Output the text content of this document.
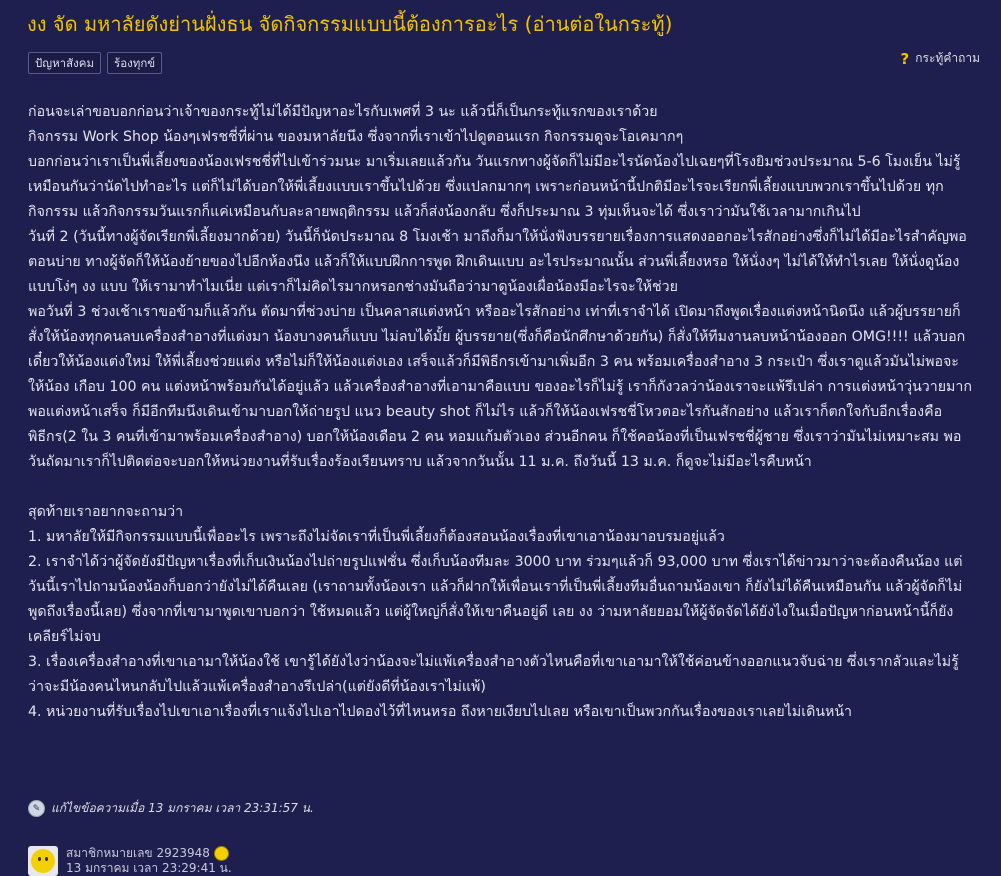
งง จัด มหาลัยดังย่านฝั่งธน จัดกิจกรรมแบบนี้ต้องการอะไร (อ่านต่อในกระทู้)
ปัญหาสังคม	ร้องทุกข์	? กระทู้คำถาม

ก่อนจะเล่าขอบอกก่อนว่าเจ้าของกระทู้ไม่ได้มีปัญหาอะไรกับเพศที่ 3 นะ แล้วนี่ก็เป็นกระทู้แรกของเราด้วย

กิจกรรม Work Shop น้องๆเฟรชชี่ที่ผ่าน ของมหาลัยนึง ซึ่งจากที่เราเข้าไปดูตอนแรก กิจกรรมดูจะโอเคมากๆ

บอกก่อนว่าเราเป็นพี่เลี้ยงของน้องเฟรชชี่ที่ไปเข้าร่วมนะ มาเริ่มเลยแล้วกัน วันแรกทางผู้จัดก็ไม่มีอะไรนัดน้องไปเฉยๆที่โรงยิมช่วงประมาณ 5-6 โมงเย็น ไม่รู้เหมือนกันว่านัดไปทำอะไร แต่ก็ไม่ได้บอกให้พี่เลี้ยงแบบเราขึ้นไปด้วย ซึ่งแปลกมากๆ เพราะก่อนหน้านี้ปกติมีอะไรจะเรียกพี่เลี้ยงแบบพวกเราขึ้นไปด้วย ทุกกิจกรรม แล้วกิจกรรมวันแรกก็แค่เหมือนกับละลายพฤติกรรม แล้วก็ส่งน้องกลับ ซึ่งก็ประมาณ 3 ทุ่มเห็นจะได้ ซึ่งเราว่ามันใช้เวลามากเกินไป

วันที่ 2 (วันนี้ทางผู้จัดเรียกพี่เลี้ยงมากด้วย) วันนี้ก็นัดประมาณ 8 โมงเช้า มาถึงก็มาให้นั่งฟังบรรยายเรื่องการแสดงออกอะไรสักอย่างซึ่งก็ไม่ได้มีอะไรสำคัญพอตอนบ่าย ทางผู้จัดก็ให้น้องย้ายของไปอีกห้องนึง แล้วก็ให้แบบฝึกการพูด ฝึกเดินแบบ อะไรประมาณนั้น ส่วนพี่เลี้ยงหรอ ให้นั่งงๆ ไม่ได้ให้ทำไรเลย ให้นั่งดูน้องแบบโง่ๆ งง แบบ ให้เรามาทำไมเนี่ย แต่เราก็ไม่คิดไรมากหรอกช่างมันถือว่ามาดูน้องเผื่อน้องมีอะไรจะให้ช่วย

พอวันที่ 3 ช่วงเช้าเราขอข้ามก็แล้วกัน ตัดมาที่ช่วงบ่าย เป็นคลาสแต่งหน้า หรืออะไรสักอย่าง เท่าที่เราจำได้ เปิดมาถึงพูดเรื่องแต่งหน้านิดนึง แล้วผู้บรรยายก็สั่งให้น้องทุกคนลบเครื่องสำอางที่แต่งมา น้องบางคนก็แบบ ไม่ลบได้มั้ย ผู้บรรยาย(ซึ่งก็คือนักศึกษาด้วยกัน) ก็สั่งให้ทีมงานลบหน้าน้องออก OMG!!!! แล้วบอกเดี๋ยวให้น้องแต่งใหม่ ให้พี่เลี้ยงช่วยแต่ง หรือไม่ก็ให้น้องแต่งเอง เสร็จแล้วก็มีพิธีกรเข้ามาเพิ่มอีก 3 คน พร้อมเครื่องสำอาง 3 กระเป๋า ซึ่งเราดูแล้วมันไม่พอจะให้น้อง เกือบ 100 คน แต่งหน้าพร้อมกันได้อยู่แล้ว แล้วเครื่องสำอางที่เอามาคือแบบ ของอะไรก็ไม่รู้ เราก็กังวลว่าน้องเราจะแพ้รึเปล่า การแต่งหน้าวุ่นวายมาก พอแต่งหน้าเสร็จ ก็มีอีกทีมนึงเดินเข้ามาบอกให้ถ่ายรูป แนว beauty shot ก็ไม่ไร แล้วก็ให้น้องเฟรชชี่โหวตอะไรกันสักอย่าง แล้วเราก็ตกใจกับอีกเรื่องคือ พิธีกร(2 ใน 3 คนที่เข้ามาพร้อมเครื่องสำอาง) บอกให้น้องเดือน 2 คน หอมแก้มตัวเอง ส่วนอีกคน ก็ใช้คอน้องที่เป็นเฟรชชี่ผู้ชาย ซึ่งเราว่ามันไม่เหมาะสม พอวันถัดมาเราก็ไปติดต่อจะบอกให้หน่วยงานที่รับเรื่องร้องเรียนทราบ แล้วจากวันนั้น 11 ม.ค. ถึงวันนี้ 13 ม.ค. ก็ดูจะไม่มีอะไรคืบหน้า

สุดท้ายเราอยากจะถามว่า

1. มหาลัยให้มีกิจกรรมแบบนี้เพื่ออะไร เพราะถึงไม่จัดเราที่เป็นพี่เลี้ยงก็ต้องสอนน้องเรื่องที่เขาเอาน้องมาอบรมอยู่แล้ว

2. เราจำได้ว่าผู้จัดยังมีปัญหาเรื่องที่เก็บเงินน้องไปถ่ายรูปแฟชั่น ซึ่งเก็บน้องทีมละ 3000 บาท ร่วมๆแล้วก็ 93,000 บาท ซึ่งเราได้ข่าวมาว่าจะต้องคืนน้อง แต่วันนี้เราไปถามน้องน้องก็บอกว่ายังไม่ได้คืนเลย (เราถามทั้งน้องเรา แล้วก็ฝากให้เพื่อนเราที่เป็นพี่เลี้ยงทีมอื่นถามน้องเขา ก็ยังไม่ได้คืนเหมือนกัน แล้วผู้จัดก็ไม่พูดถึงเรื่องนี้เลย) ซึ่งจากที่เขามาพูดเขาบอกว่า ใช้หมดแล้ว แต่ผู้ใหญ่ก็สั่งให้เขาคืนอยู่ดี เลย งง ว่ามหาลัยยอมให้ผู้จัดจัดได้ยังไงในเมื่อปัญหาก่อนหน้านี้ก็ยังเคลียร์ไม่จบ

3. เรื่องเครื่องสำอางที่เขาเอามาให้น้องใช้ เขารู้ได้ยังไงว่าน้องจะไม่แพ้เครื่องสำอางตัวไหนคือที่เขาเอามาให้ใช้ค่อนข้างออกแนวจับฉ่าย ซึ่งเรากลัวและไม่รู้ว่าจะมีน้องคนไหนกลับไปแล้วแพ้เครื่องสำอางรึเปล่า(แต่ยังดีที่น้องเราไม่แพ้)

4. หน่วยงานที่รับเรื่องไปเขาเอาเรื่องที่เราแจ้งไปเอาไปดองไว้ที่ไหนหรอ ถึงหายเงียบไปเลย หรือเขาเป็นพวกกันเรื่องของเราเลยไม่เดินหน้า

✎ แก้ไขข้อความเมื่อ 13 มกราคม เวลา 23:31:57 น.
สมาชิกหมายเลข 2923948
13 มกราคม เวลา 23:29:41 น.
